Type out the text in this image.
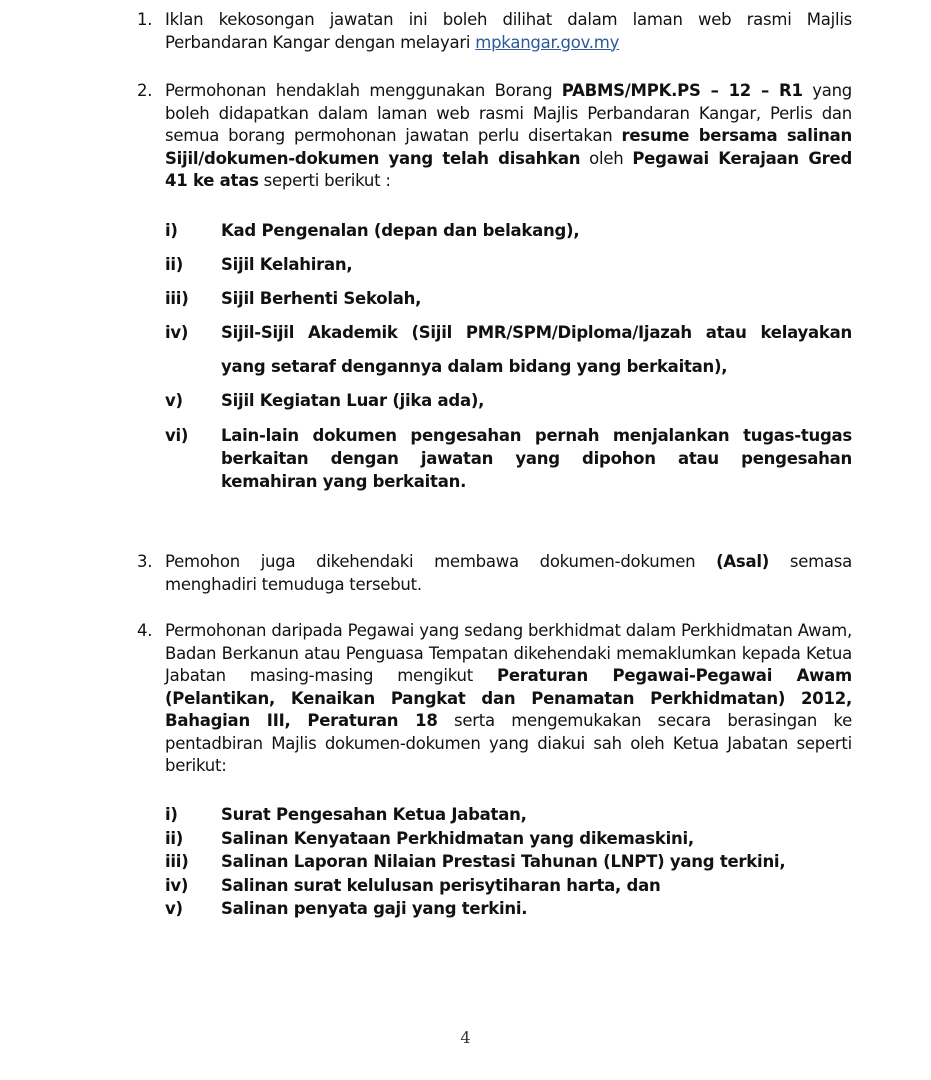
1. Iklan kekosongan jawatan ini boleh dilihat dalam laman web rasmi Majlis Perbandaran Kangar dengan melayari mpkangar.gov.my
2. Permohonan hendaklah menggunakan Borang PABMS/MPK.PS – 12 – R1 yang boleh didapatkan dalam laman web rasmi Majlis Perbandaran Kangar, Perlis dan semua borang permohonan jawatan perlu disertakan resume bersama salinan Sijil/dokumen-dokumen yang telah disahkan oleh Pegawai Kerajaan Gred 41 ke atas seperti berikut :
i)	Kad Pengenalan (depan dan belakang),
ii)	Sijil Kelahiran,
iii)	Sijil Berhenti Sekolah,
iv)	Sijil-Sijil Akademik (Sijil PMR/SPM/Diploma/Ijazah atau kelayakan yang setaraf dengannya dalam bidang yang berkaitan),
v)	Sijil Kegiatan Luar (jika ada),
vi)	Lain-lain dokumen pengesahan pernah menjalankan tugas-tugas berkaitan dengan jawatan yang dipohon atau pengesahan kemahiran yang berkaitan.
3. Pemohon juga dikehendaki membawa dokumen-dokumen (Asal) semasa menghadiri temuduga tersebut.
4. Permohonan daripada Pegawai yang sedang berkhidmat dalam Perkhidmatan Awam, Badan Berkanun atau Penguasa Tempatan dikehendaki memaklumkan kepada Ketua Jabatan masing-masing mengikut Peraturan Pegawai-Pegawai Awam (Pelantikan, Kenaikan Pangkat dan Penamatan Perkhidmatan) 2012, Bahagian III, Peraturan 18 serta mengemukakan secara berasingan ke pentadbiran Majlis dokumen-dokumen yang diakui sah oleh Ketua Jabatan seperti berikut:
i)	Surat Pengesahan Ketua Jabatan,
ii)	Salinan Kenyataan Perkhidmatan yang dikemaskini,
iii)	Salinan Laporan Nilaian Prestasi Tahunan (LNPT) yang terkini,
iv)	Salinan surat kelulusan perisytiharan harta, dan
v)	Salinan penyata gaji yang terkini.
4
